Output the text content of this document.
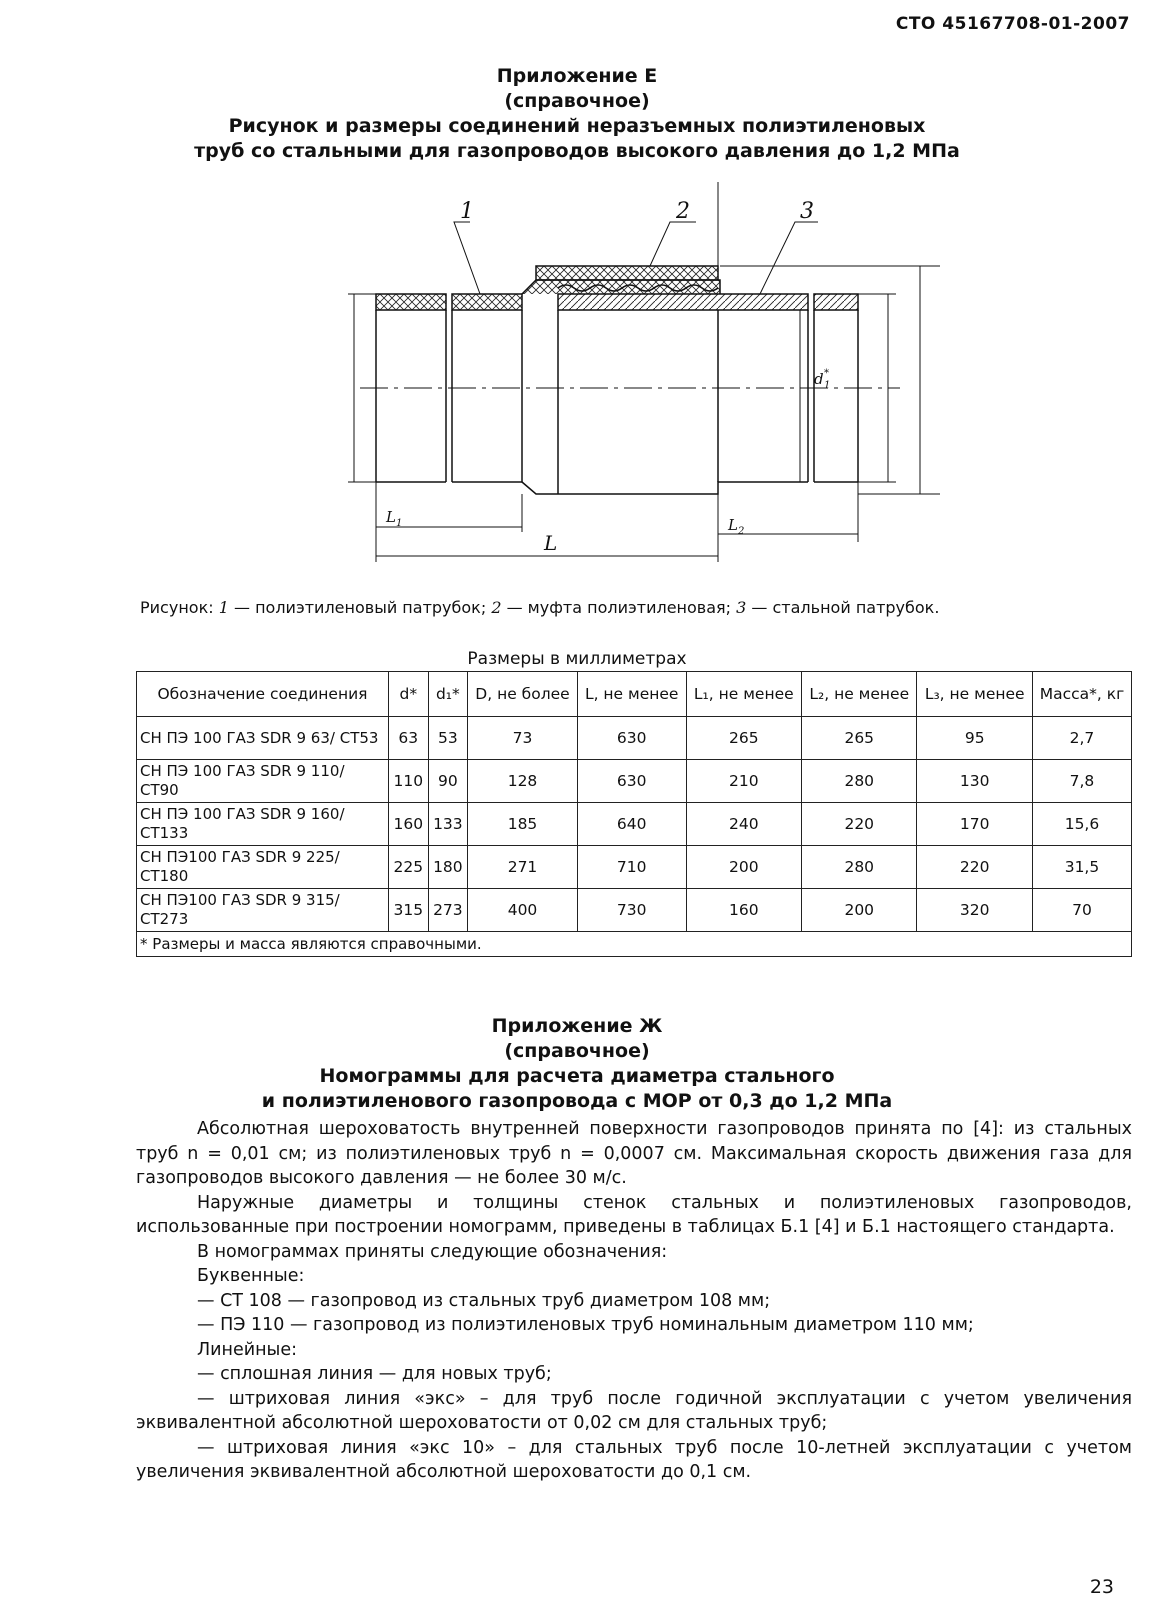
СТО 45167708-01-2007
Приложение Е
(справочное)
Рисунок и размеры соединений неразъемных полиэтиленовых
труб со стальными для газопроводов высокого давления до 1,2 МПа
1	2	3
d *
1
L 1	L 2
L
Рисунок: 1 — полиэтиленовый патрубок; 2 — муфта полиэтиленовая; 3 — стальной патрубок.
Размеры в миллиметрах
Обозначение соединения	d*	d₁*	D, не более	L, не менее	L₁, не менее	L₂, не менее	L₃, не менее	Масса*, кг
СН ПЭ 100 ГАЗ SDR 9 63/ СТ53	63	53	73	630	265	265	95	2,7
СН ПЭ 100 ГАЗ SDR 9 110/ СТ90	110	90	128	630	210	280	130	7,8
СН ПЭ 100 ГАЗ SDR 9 160/ СТ133	160	133	185	640	240	220	170	15,6
СН ПЭ100 ГАЗ SDR 9 225/СТ180	225	180	271	710	200	280	220	31,5
СН ПЭ100 ГАЗ SDR 9 315/СТ273	315	273	400	730	160	200	320	70
* Размеры и масса являются справочными.								
Приложение Ж
(справочное)
Номограммы для расчета диаметра стального
и полиэтиленового газопровода с МОР от 0,3 до 1,2 МПа

Абсолютная шероховатость внутренней поверхности газопроводов принята по [4]: из стальных труб n = 0,01 см; из полиэтиленовых труб n = 0,0007 см. Максимальная скорость движения газа для газопроводов высокого давления — не более 30 м/с.

Наружные диаметры и толщины стенок стальных и полиэтиленовых газопроводов, использованные при построении номограмм, приведены в таблицах Б.1 [4] и Б.1 настоящего стандарта.

В номограммах приняты следующие обозначения:

Буквенные:

— СТ 108 — газопровод из стальных труб диаметром 108 мм;

— ПЭ 110 — газопровод из полиэтиленовых труб номинальным диаметром 110 мм;

Линейные:

— сплошная линия — для новых труб;

— штриховая линия «экс» – для труб после годичной эксплуатации с учетом увеличения эквивалентной абсолютной шероховатости от 0,02 см для стальных труб;

— штриховая линия «экс 10» – для стальных труб после 10-летней эксплуатации с учетом увеличения эквивалентной абсолютной шероховатости до 0,1 см.

23
